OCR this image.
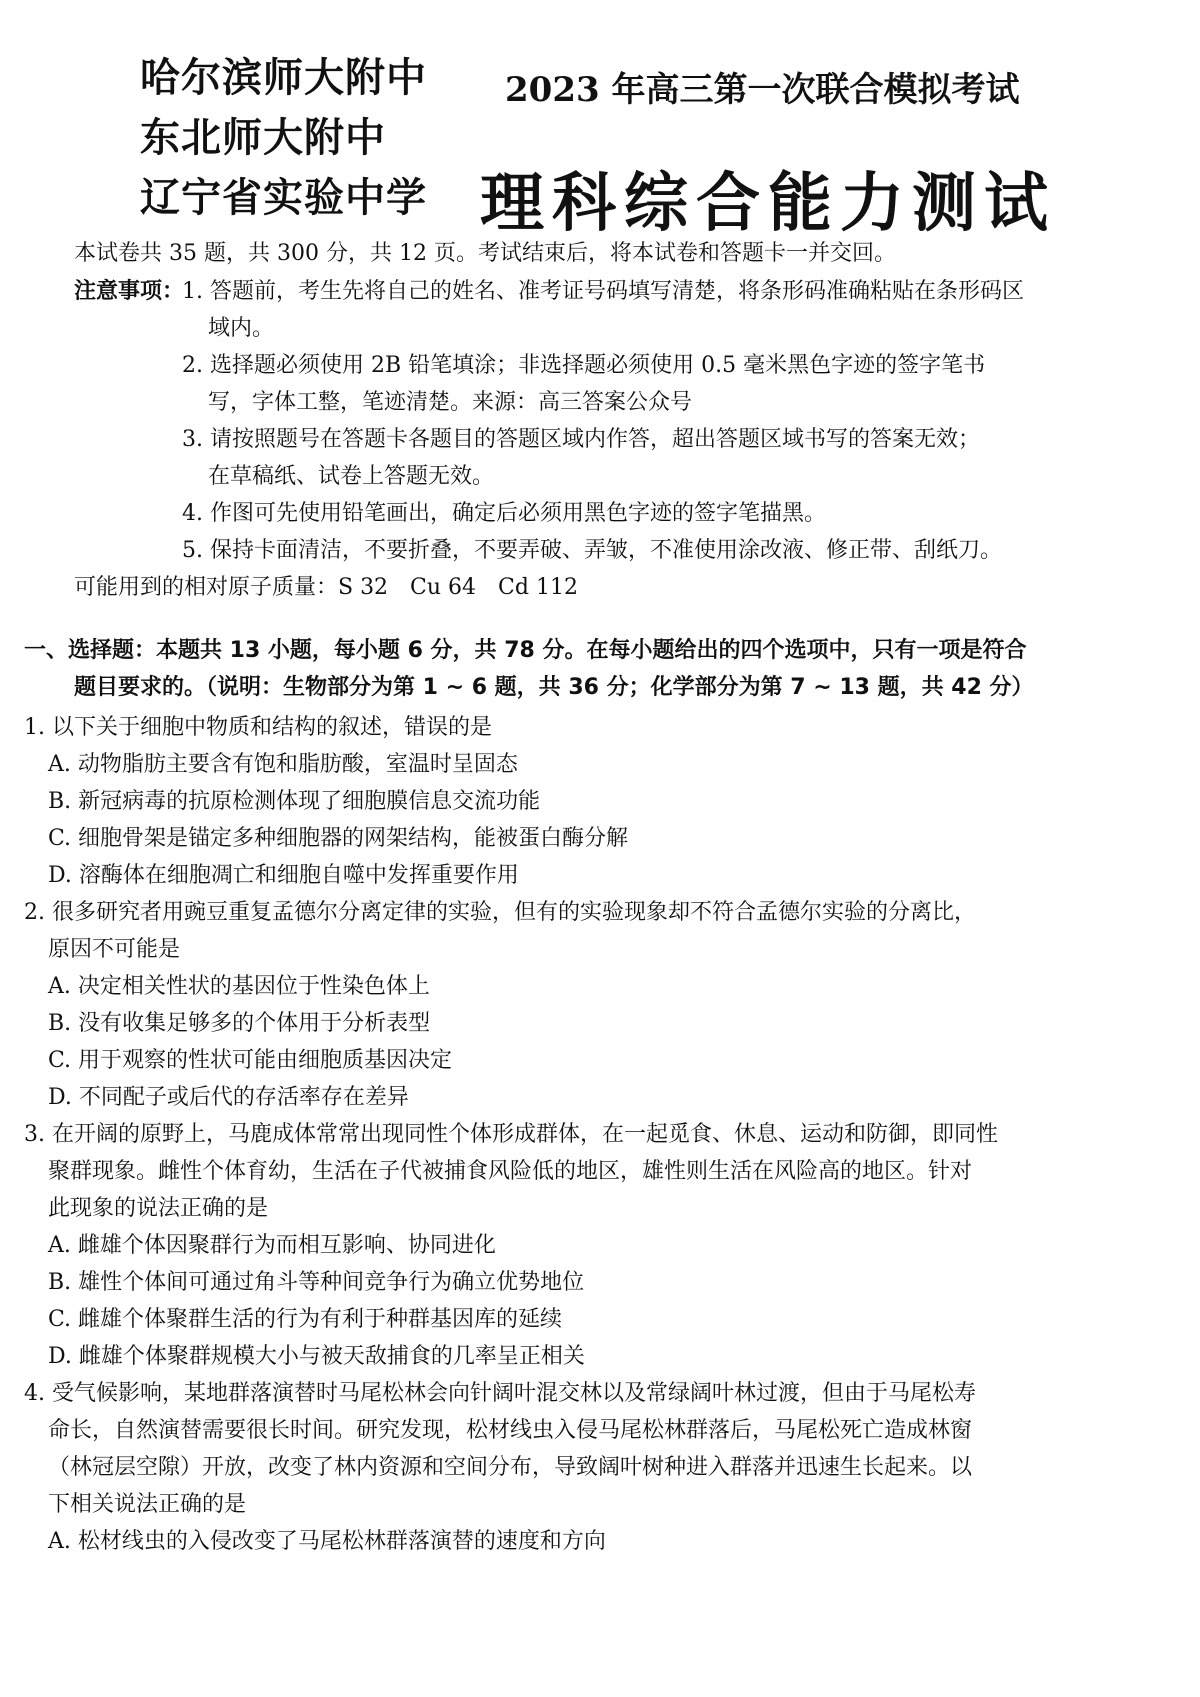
哈尔滨师大附中
东北师大附中
辽宁省实验中学
2023 年高三第一次联合模拟考试
理科综合能力测试
本试卷共 35 题，共 300 分，共 12 页。考试结束后，将本试卷和答题卡一并交回。
注意事项：
1. 答题前，考生先将自己的姓名、准考证号码填写清楚，将条形码准确粘贴在条形码区
域内。
2. 选择题必须使用 2B 铅笔填涂；非选择题必须使用 0.5 毫米黑色字迹的签字笔书
写，字体工整，笔迹清楚。来源：高三答案公众号
3. 请按照题号在答题卡各题目的答题区域内作答，超出答题区域书写的答案无效；
在草稿纸、试卷上答题无效。
4. 作图可先使用铅笔画出，确定后必须用黑色字迹的签字笔描黑。
5. 保持卡面清洁，不要折叠，不要弄破、弄皱，不准使用涂改液、修正带、刮纸刀。
可能用到的相对原子质量：S 32　Cu 64　Cd 112
一、选择题：本题共 13 小题，每小题 6 分，共 78 分。在每小题给出的四个选项中，只有一项是符合
题目要求的。（说明：生物部分为第 1 ~ 6 题，共 36 分；化学部分为第 7 ~ 13 题，共 42 分）
1. 以下关于细胞中物质和结构的叙述，错误的是
A. 动物脂肪主要含有饱和脂肪酸，室温时呈固态
B. 新冠病毒的抗原检测体现了细胞膜信息交流功能
C. 细胞骨架是锚定多种细胞器的网架结构，能被蛋白酶分解
D. 溶酶体在细胞凋亡和细胞自噬中发挥重要作用
2. 很多研究者用豌豆重复孟德尔分离定律的实验，但有的实验现象却不符合孟德尔实验的分离比，
原因不可能是
A. 决定相关性状的基因位于性染色体上
B. 没有收集足够多的个体用于分析表型
C. 用于观察的性状可能由细胞质基因决定
D. 不同配子或后代的存活率存在差异
3. 在开阔的原野上，马鹿成体常常出现同性个体形成群体，在一起觅食、休息、运动和防御，即同性
聚群现象。雌性个体育幼，生活在子代被捕食风险低的地区，雄性则生活在风险高的地区。针对
此现象的说法正确的是
A. 雌雄个体因聚群行为而相互影响、协同进化
B. 雄性个体间可通过角斗等种间竞争行为确立优势地位
C. 雌雄个体聚群生活的行为有利于种群基因库的延续
D. 雌雄个体聚群规模大小与被天敌捕食的几率呈正相关
4. 受气候影响，某地群落演替时马尾松林会向针阔叶混交林以及常绿阔叶林过渡，但由于马尾松寿
命长，自然演替需要很长时间。研究发现，松材线虫入侵马尾松林群落后，马尾松死亡造成林窗
（林冠层空隙）开放，改变了林内资源和空间分布，导致阔叶树种进入群落并迅速生长起来。以
下相关说法正确的是
A. 松材线虫的入侵改变了马尾松林群落演替的速度和方向
